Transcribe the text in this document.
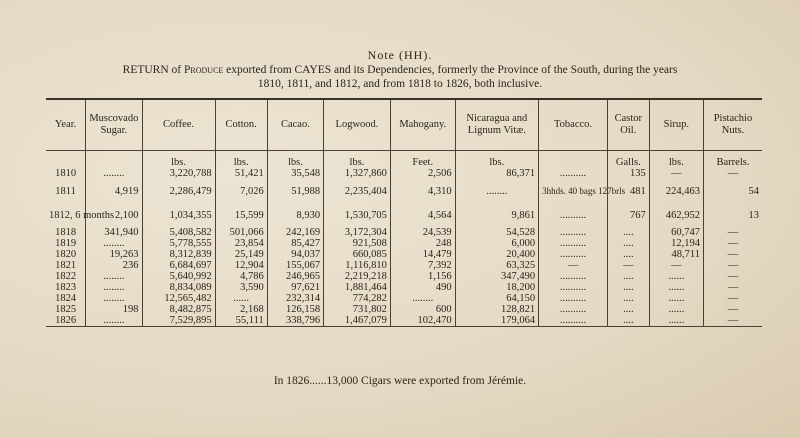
Note (HH).
RETURN of Produce exported from CAYES and its Dependencies, formerly the Province of the South, during the years
1810, 1811, and 1812, and from 1818 to 1826, both inclusive.
Year.	Muscovado Sugar.	Coffee.	Cotton.	Cacao.	Logwood.	Mahogany.	Nicaragua and Lignum Vitæ.	Tobacco.	Castor Oil.	Sirup.	Pistachio Nuts.
		lbs.	lbs.	lbs.	lbs.	Feet.	lbs.		Galls.	lbs.	Barrels.
1810	........	3,220,788	51,421	35,548	1,327,860	2,506	86,371	..........	135	—	—
1811	4,919	2,286,479	7,026	51,988	2,235,404	4,310	........	3hhds. 40 bags 127brls	481	224,463	54
1812, 6 months	2,100	1,034,355	15,599	8,930	1,530,705	4,564	9,861	..........	767	462,952	13
1818	341,940	5,408,582	501,066	242,169	3,172,304	24,539	54,528	..........	....	60,747	—
1819	........	5,778,555	23,854	85,427	921,508	248	6,000	..........	....	12,194	—
1820	19,263	8,312,839	25,149	94,037	660,085	14,479	20,400	..........	....	48,711	—
1821	236	6,684,697	12,904	155,067	1,116,810	7,392	63,325	—	—	—	—
1822	........	5,640,992	4,786	246,965	2,219,218	1,156	347,490	..........	....	......	—
1823	........	8,834,089	3,590	97,621	1,881,464	490	18,200	..........	....	......	—
1824	........	12,565,482	......	232,314	774,282	........	64,150	..........	....	......	—
1825	198	8,482,875	2,168	126,158	731,802	600	128,821	..........	....	......	—
1826	........	7,529,895	55,111	338,796	1,467,079	102,470	179,064	..........	....	......	—
In 1826......13,000 Cigars were exported from Jérémie.
